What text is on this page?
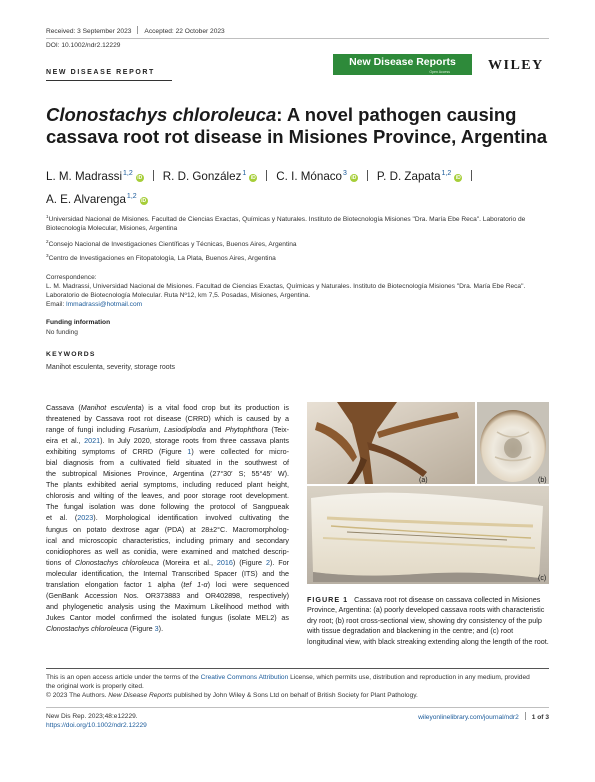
Received: 3 September 2023 Accepted: 22 October 2023
DOI: 10.1002/ndr2.12229
NEW DISEASE REPORT
New Disease Reports
Open Access	WILEY
Clonostachys chloroleuca: A novel pathogen causing cassava root rot disease in Misiones Province, Argentina
L. M. Madrassi$^{1,2}$iD R. D. González$^1$iD C. I. Mónaco$^3$iD P. D. Zapata$^{1,2}$iD
A. E. Alvarenga$^{1,2}$iD
$^1$Universidad Nacional de Misiones. Facultad de Ciencias Exactas, Químicas y Naturales. Instituto de Biotecnología Misiones "Dra. María Ebe Reca". Laboratorio de Biotecnología Molecular, Misiones, Argentina
$^2$Consejo Nacional de Investigaciones Científicas y Técnicas, Buenos Aires, Argentina
$^3$Centro de Investigaciones en Fitopatología, La Plata, Buenos Aires, Argentina
Correspondence:
L. M. Madrassi, Universidad Nacional de Misiones. Facultad de Ciencias Exactas, Químicas y Naturales. Instituto de Biotecnología Misiones "Dra. María Ebe Reca". Laboratorio de Biotecnología Molecular. Ruta Nº12, km 7,5. Posadas, Misiones, Argentina.
Email: lmmadrassi@hotmail.com
Funding information
No funding
KEYWORDS
Manihot esculenta, severity, storage roots
Cassava (Manihot esculenta) is a vital food crop but its production is
threatened by Cassava root rot disease (CRRD) which is caused by a
range of fungi including Fusarium, Lasiodiplodia and Phytophthora (Teix-
eira et al., 2021). In July 2020, storage roots from three cassava plants
exhibiting symptoms of CRRD (Figure 1) were collected for micro-
bial diagnosis from a cultivated field situated in the southwest of
the subtropical Misiones Province, Argentina (27°30′ S; 55°45′ W).
The plants exhibited aerial symptoms, including reduced plant height,
chlorosis and wilting of the leaves, and poor storage root development.
The fungal isolation was done following the protocol of Sangpueak
et al. (2023). Morphological identification involved cultivating the
fungus on potato dextrose agar (PDA) at 28±2°C. Macromorpholog-
ical and microscopic characteristics, including primary and secondary
conidiophores as well as conidia, were examined and matched descrip-
tions of Clonostachys chloroleuca (Moreira et al., 2016) (Figure 2). For
molecular identification, the Internal Transcribed Spacer (ITS) and the
translation elongation factor 1 alpha (tef 1-α) loci were sequenced
(GenBank Accession Nos. OR373883 and OR402898, respectively)
and phylogenetic analysis using the Maximum Likelihood method with
Jukes Cantor model confirmed the isolated fungus (isolate MEL2) as
Clonostachys chloroleuca (Figure 3).
(a)	(b)
(c)
FIGURE 1 Cassava root rot disease on cassava collected in Misiones Province, Argentina: (a) poorly developed cassava roots with characteristic dry root; (b) root cross-sectional view, showing dry consistency of the pulp with tissue degradation and blackening in the centre; and (c) root longitudinal view, with black streaking extending along the length of the root.
This is an open access article under the terms of the Creative Commons Attribution License, which permits use, distribution and reproduction in any medium, provided
the original work is properly cited.
© 2023 The Authors. New Disease Reports published by John Wiley & Sons Ltd on behalf of British Society for Plant Pathology.
New Dis Rep. 2023;48:e12229.
https://doi.org/10.1002/ndr2.12229
wileyonlinelibrary.com/journal/ndr2 1 of 3
